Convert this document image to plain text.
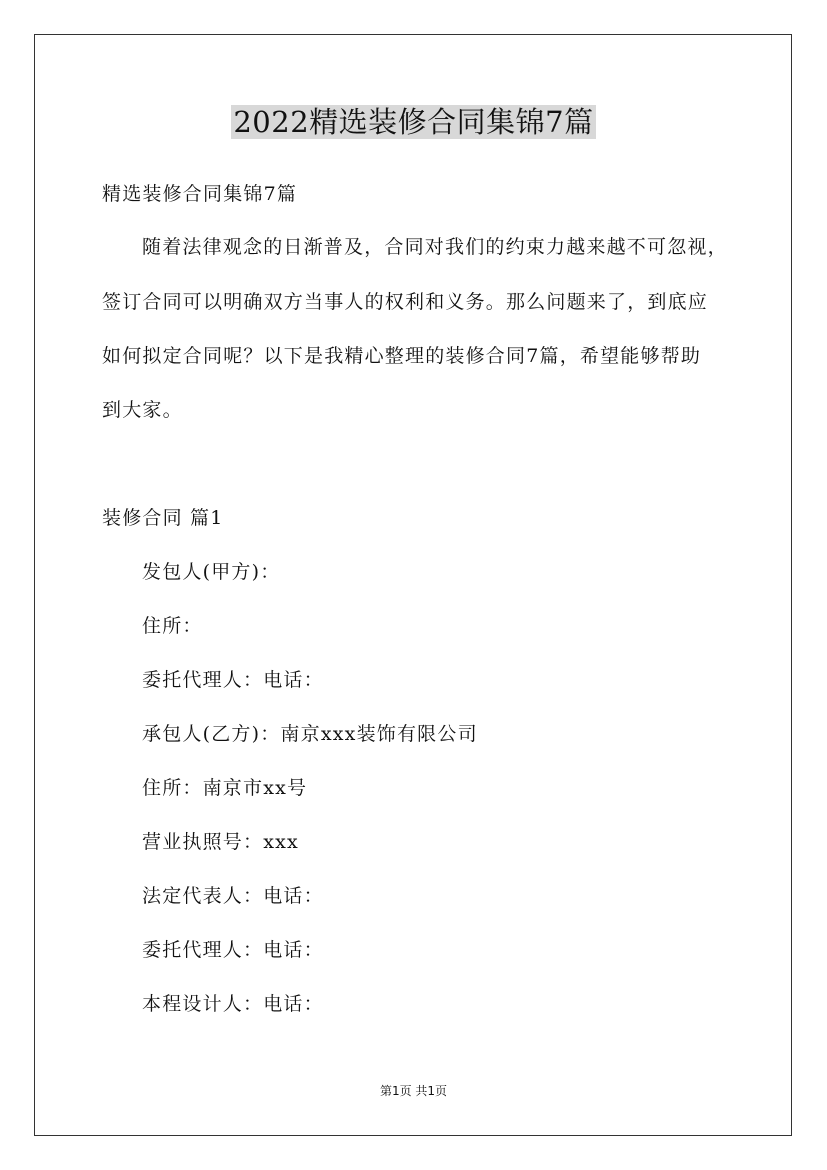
2022精选装修合同集锦7篇
精选装修合同集锦7篇
随着法律观念的日渐普及，合同对我们的约束力越来越不可忽视，
签订合同可以明确双方当事人的权利和义务。那么问题来了，到底应
如何拟定合同呢？以下是我精心整理的装修合同7篇，希望能够帮助
到大家。
装修合同 篇1
发包人(甲方)：
住所：
委托代理人：电话：
承包人(乙方)：南京xxx装饰有限公司
住所：南京市xx号
营业执照号：xxx
法定代表人：电话：
委托代理人：电话：
本程设计人：电话：
第1页 共1页
